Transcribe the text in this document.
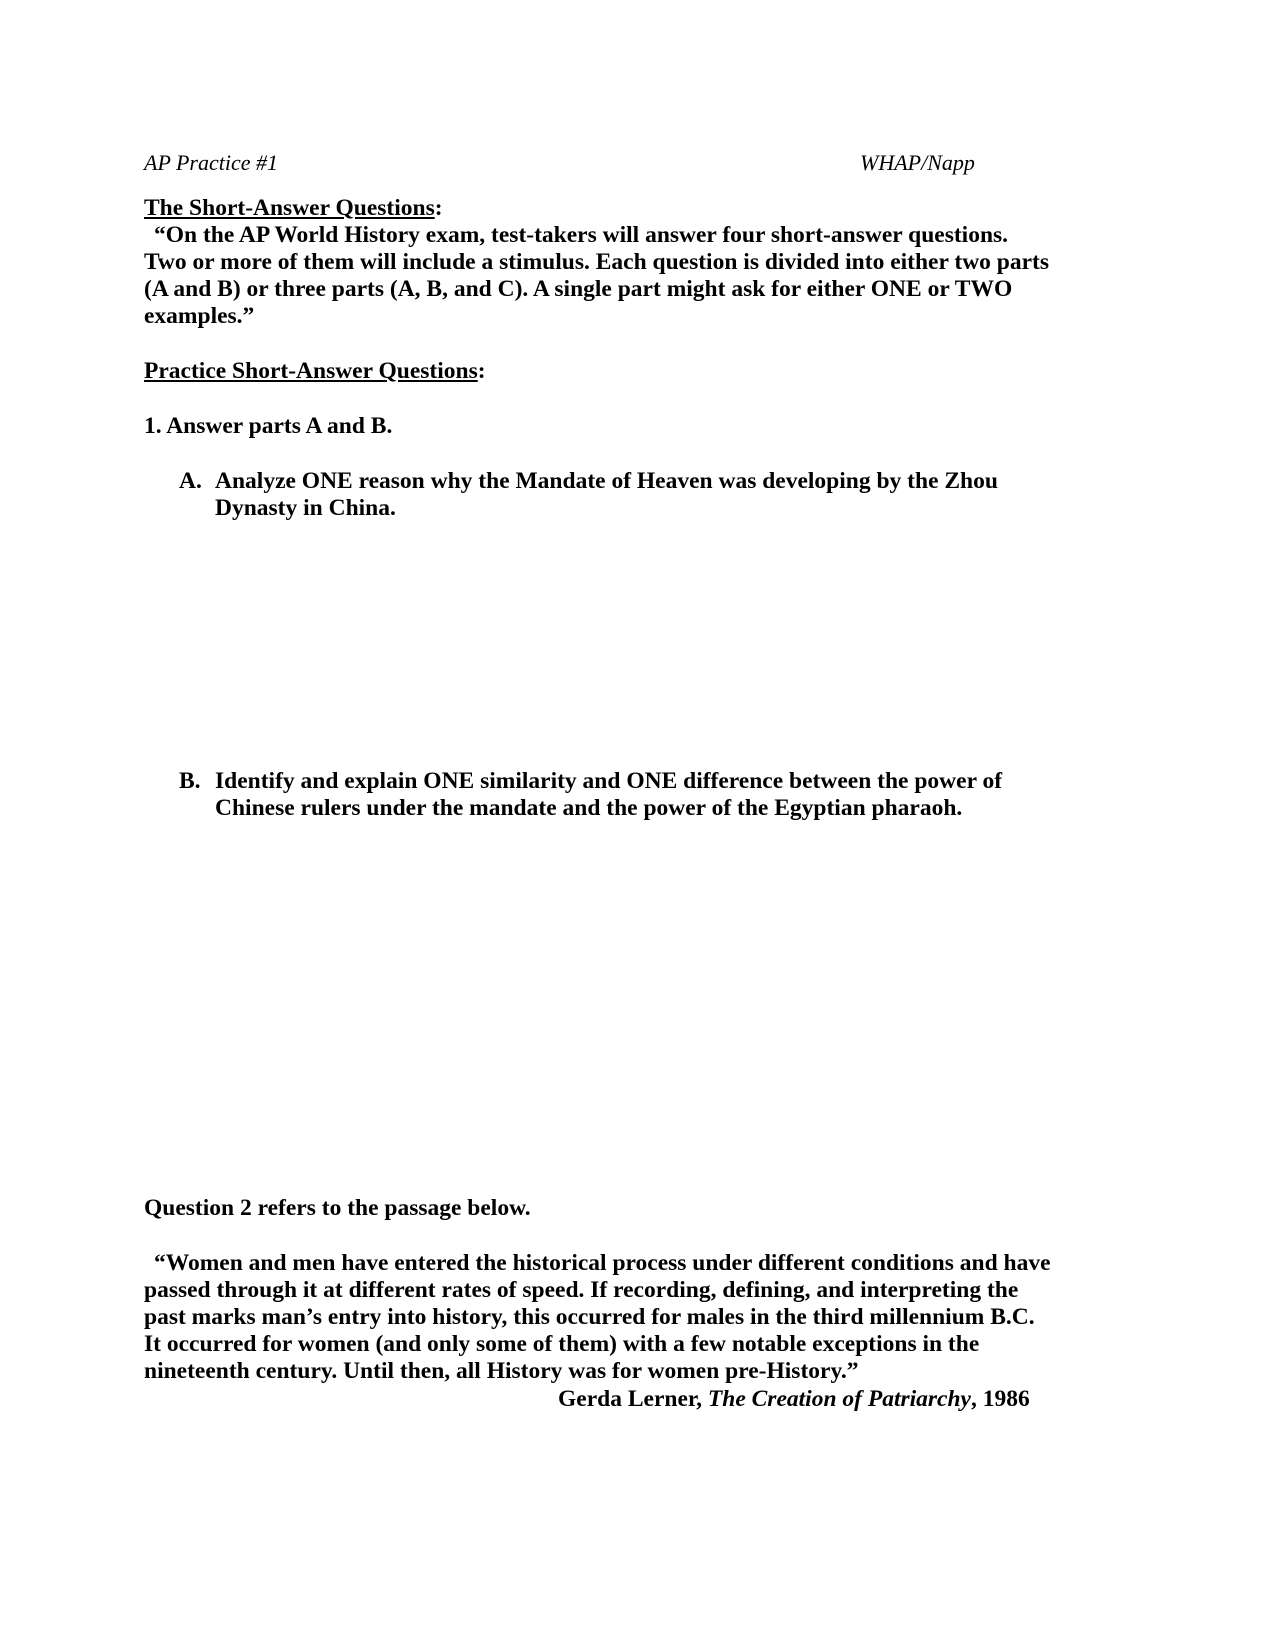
AP Practice #1	WHAP/Napp
The Short-Answer Questions:
“On the AP World History exam, test-takers will answer four short-answer questions.
Two or more of them will include a stimulus. Each question is divided into either two parts
(A and B) or three parts (A, B, and C). A single part might ask for either ONE or TWO
examples.”
Practice Short-Answer Questions:
1. Answer parts A and B.
A. Analyze ONE reason why the Mandate of Heaven was developing by the Zhou
Dynasty in China.
B. Identify and explain ONE similarity and ONE difference between the power of
Chinese rulers under the mandate and the power of the Egyptian pharaoh.
Question 2 refers to the passage below.
“Women and men have entered the historical process under different conditions and have
passed through it at different rates of speed. If recording, defining, and interpreting the
past marks man’s entry into history, this occurred for males in the third millennium B.C.
It occurred for women (and only some of them) with a few notable exceptions in the
nineteenth century. Until then, all History was for women pre-History.”
Gerda Lerner, The Creation of Patriarchy, 1986
